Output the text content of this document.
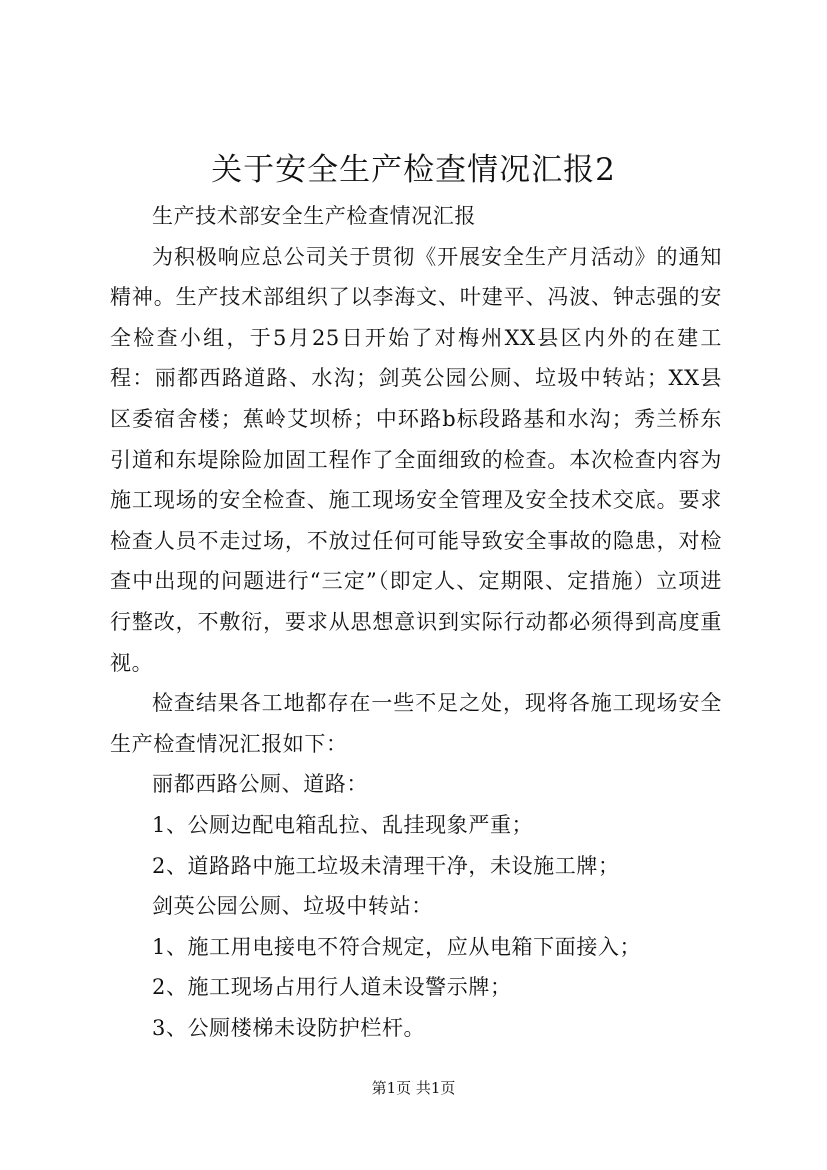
关于安全生产检查情况汇报2

生产技术部安全生产检查情况汇报

为积极响应总公司关于贯彻《开展安全生产月活动》的通知精神。生产技术部组织了以李海文、叶建平、冯波、钟志强的安全检查小组，于5月25日开始了对梅州XX县区内外的在建工程：丽都西路道路、水沟；剑英公园公厕、垃圾中转站；XX县区委宿舍楼；蕉岭艾坝桥；中环路b标段路基和水沟；秀兰桥东引道和东堤除险加固工程作了全面细致的检查。本次检查内容为施工现场的安全检查、施工现场安全管理及安全技术交底。要求检查人员不走过场，不放过任何可能导致安全事故的隐患，对检查中出现的问题进行“三定”（即定人、定期限、定措施）立项进行整改，不敷衍，要求从思想意识到实际行动都必须得到高度重视。

检查结果各工地都存在一些不足之处，现将各施工现场安全生产检查情况汇报如下：

丽都西路公厕、道路：

1、公厕边配电箱乱拉、乱挂现象严重；

2、道路路中施工垃圾未清理干净，未设施工牌；

剑英公园公厕、垃圾中转站：

1、施工用电接电不符合规定，应从电箱下面接入；

2、施工现场占用行人道未设警示牌；

3、公厕楼梯未设防护栏杆。

第1页 共1页
